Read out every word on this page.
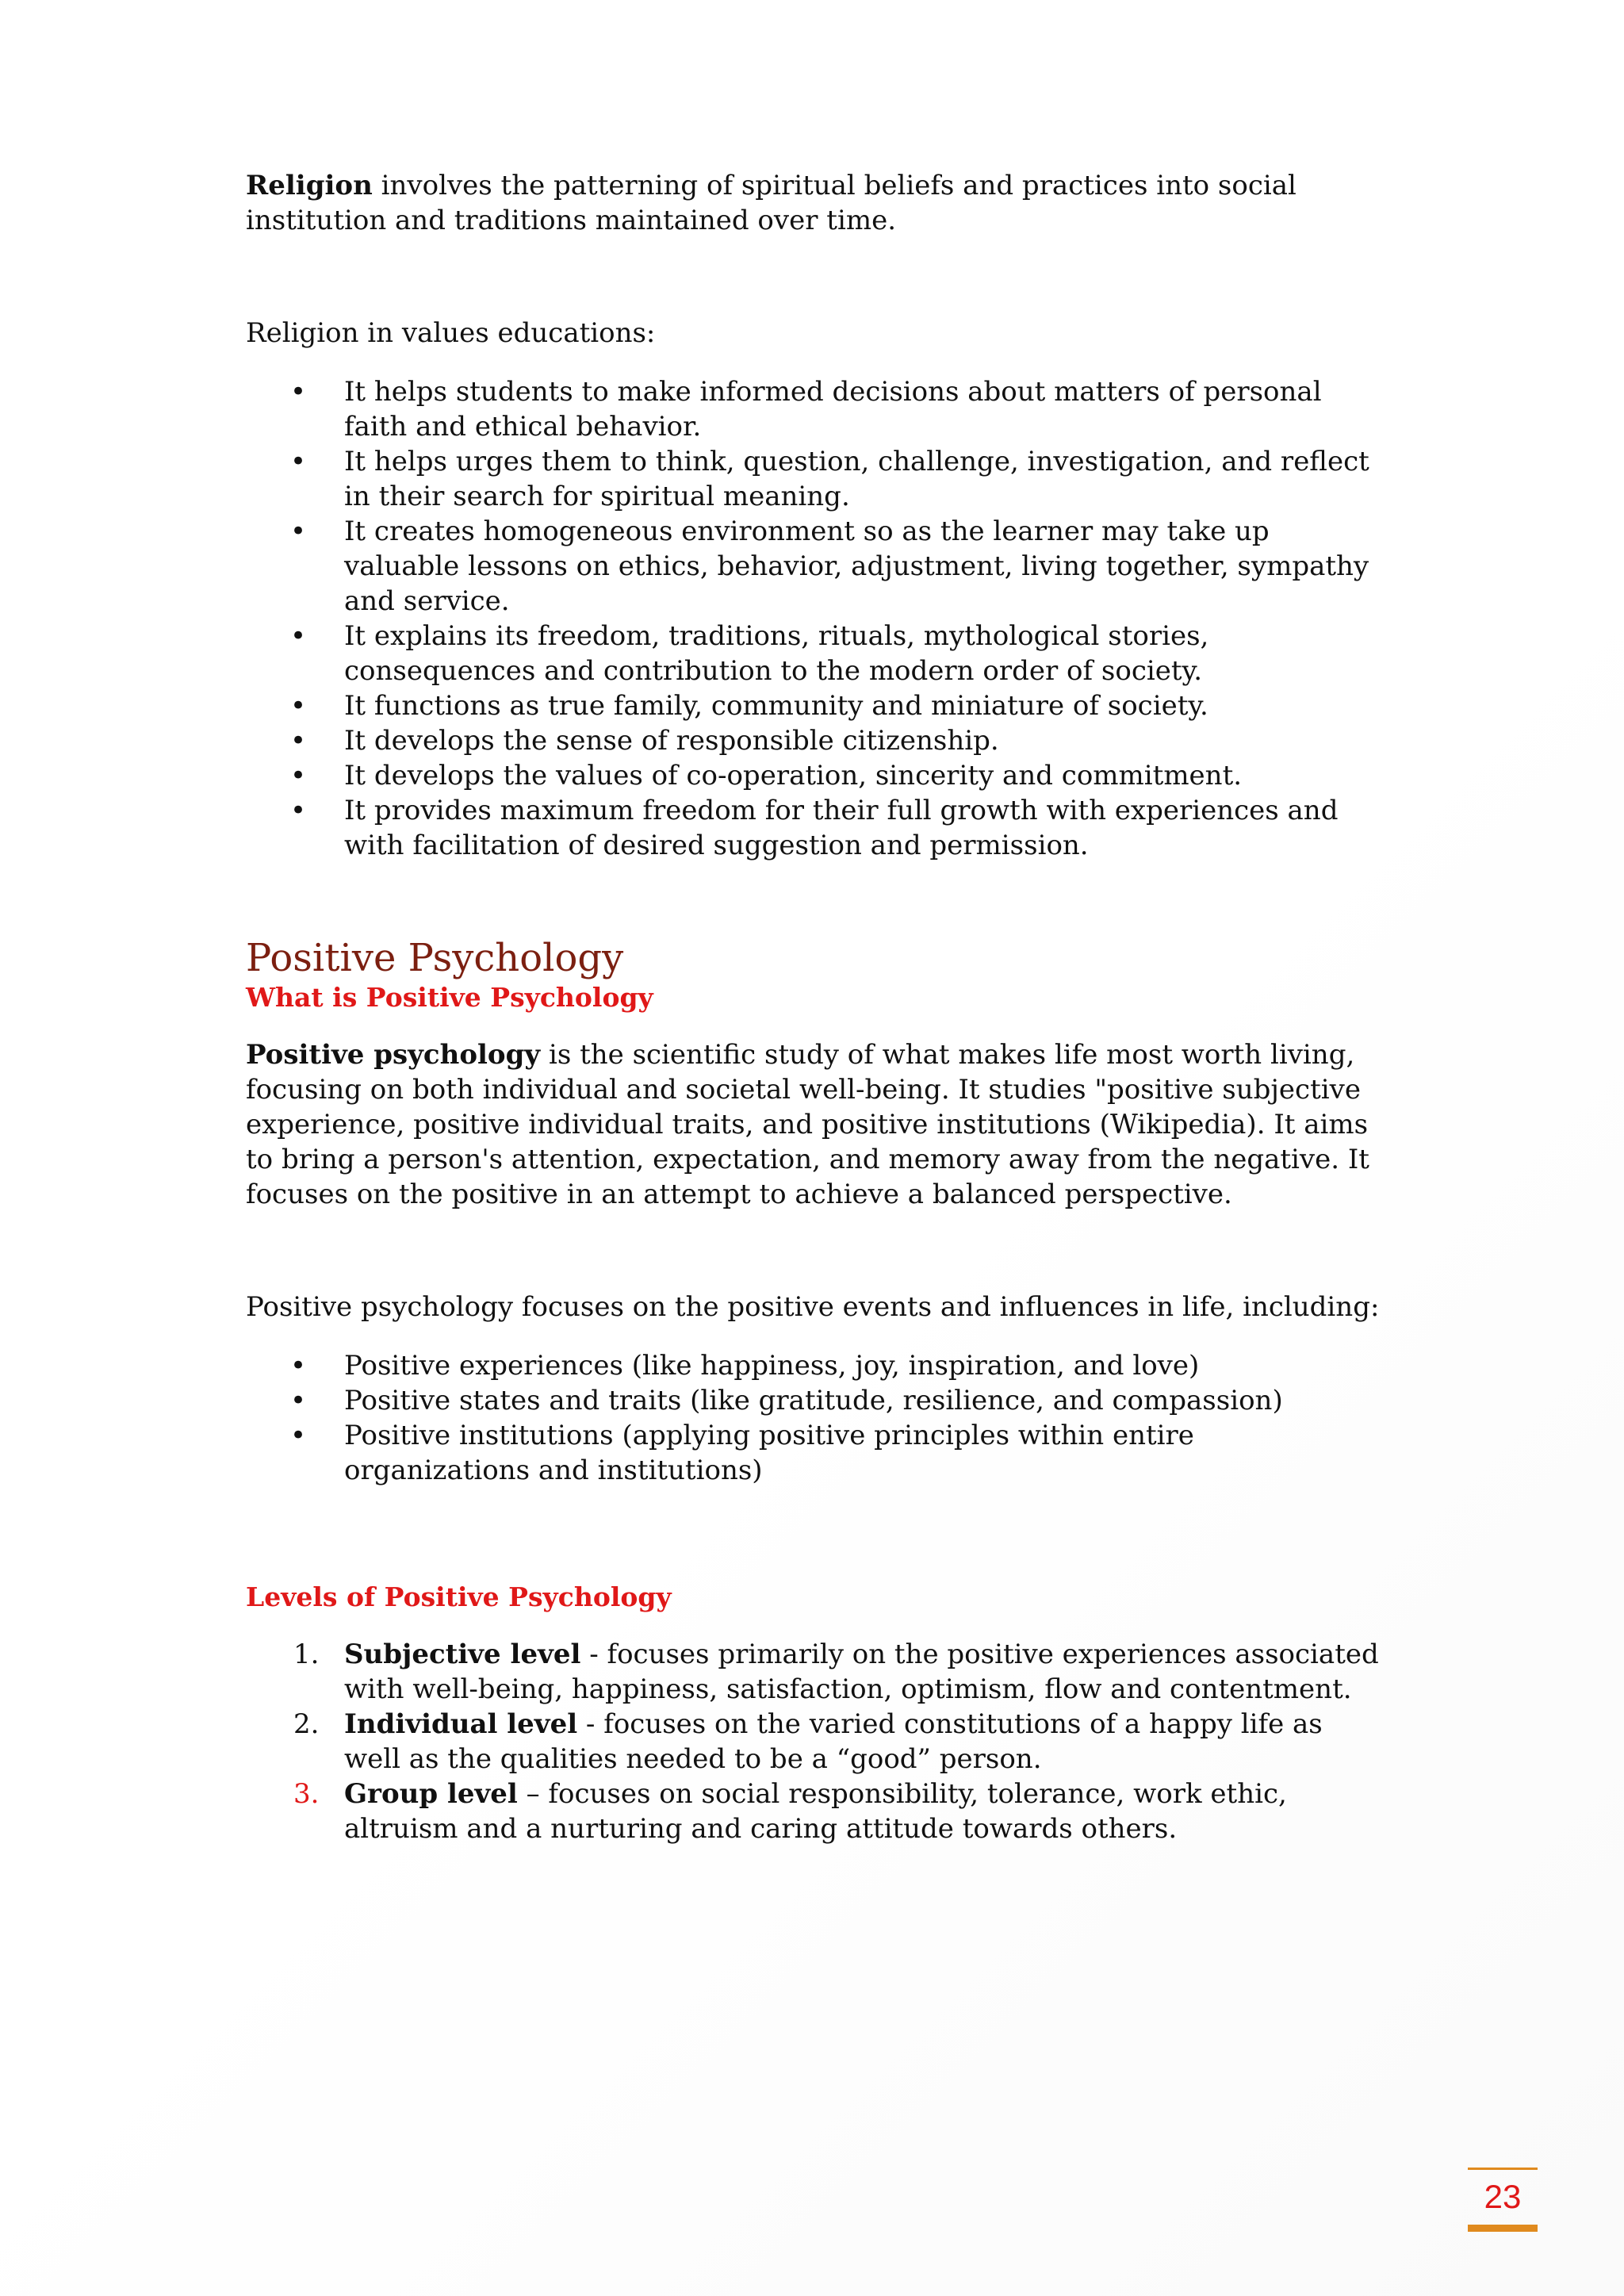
Religion involves the patterning of spiritual beliefs and practices into social institution and traditions maintained over time.

Religion in values educations:

• It helps students to make informed decisions about matters of personal faith and ethical behavior.
• It helps urges them to think, question, challenge, investigation, and reflect in their search for spiritual meaning.
• It creates homogeneous environment so as the learner may take up valuable lessons on ethics, behavior, adjustment, living together, sympathy and service.
• It explains its freedom, traditions, rituals, mythological stories, consequences and contribution to the modern order of society.
• It functions as true family, community and miniature of society.
• It develops the sense of responsible citizenship.
• It develops the values of co-operation, sincerity and commitment.
• It provides maximum freedom for their full growth with experiences and with facilitation of desired suggestion and permission.
Positive Psychology
What is Positive Psychology

Positive psychology is the scientific study of what makes life most worth living, focusing on both individual and societal well-being. It studies "positive subjective experience, positive individual traits, and positive institutions (Wikipedia). It aims to bring a person's attention, expectation, and memory away from the negative. It focuses on the positive in an attempt to achieve a balanced perspective.

Positive psychology focuses on the positive events and influences in life, including:

• Positive experiences (like happiness, joy, inspiration, and love)
• Positive states and traits (like gratitude, resilience, and compassion)
• Positive institutions (applying positive principles within entire organizations and institutions)
Levels of Positive Psychology
1. Subjective level - focuses primarily on the positive experiences associated with well-being, happiness, satisfaction, optimism, flow and contentment.
2. Individual level - focuses on the varied constitutions of a happy life as well as the qualities needed to be a “good” person.
3. Group level – focuses on social responsibility, tolerance, work ethic, altruism and a nurturing and caring attitude towards others.
23
